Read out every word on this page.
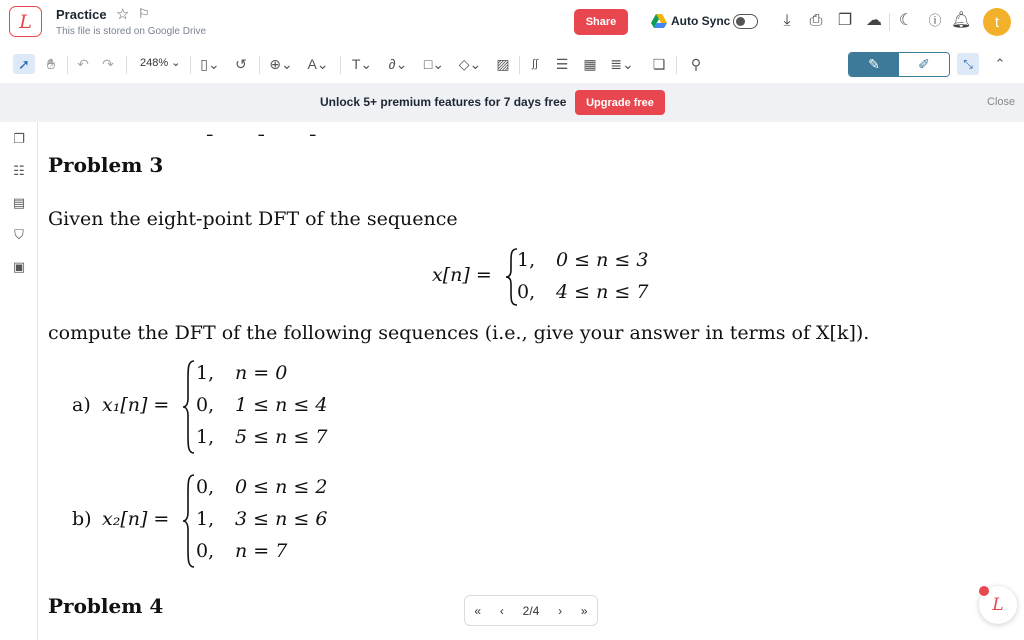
L Practice ☆ ⚐
This file is stored on Google Drive
Share	Auto Sync	⤓	⎙ ❐ ☁ ☾ ⓘ 🔔︎	t
➚	✋︎	↶ ↷ 248% ⌄ ▯⌄ ↺ ⊕⌄ A⌄ T⌄	∂⌄	□⌄ ◇⌄ ▨	∫∫	☰ ▦ ≣⌄ ❏	⚲	✎	✐	⤡	⌃
Unlock 5+ premium features for 7 days free	Upgrade free	Close
❐
☷
▤
⛉
▣
ˍˍˍ
Problem 3
Given the eight-point DFT of the sequence
x[n] =
1, 0 ≤ n ≤ 3
0, 4 ≤ n ≤ 7
compute the DFT of the following sequences (i.e., give your answer in terms of X[k]).
a) x₁[n] =
1, n = 0
0, 1 ≤ n ≤ 4
1, 5 ≤ n ≤ 7
b) x₂[n] =
0, 0 ≤ n ≤ 2
1, 3 ≤ n ≤ 6
0, n = 7
Problem 4	« ‹ 2/4 › »	L
